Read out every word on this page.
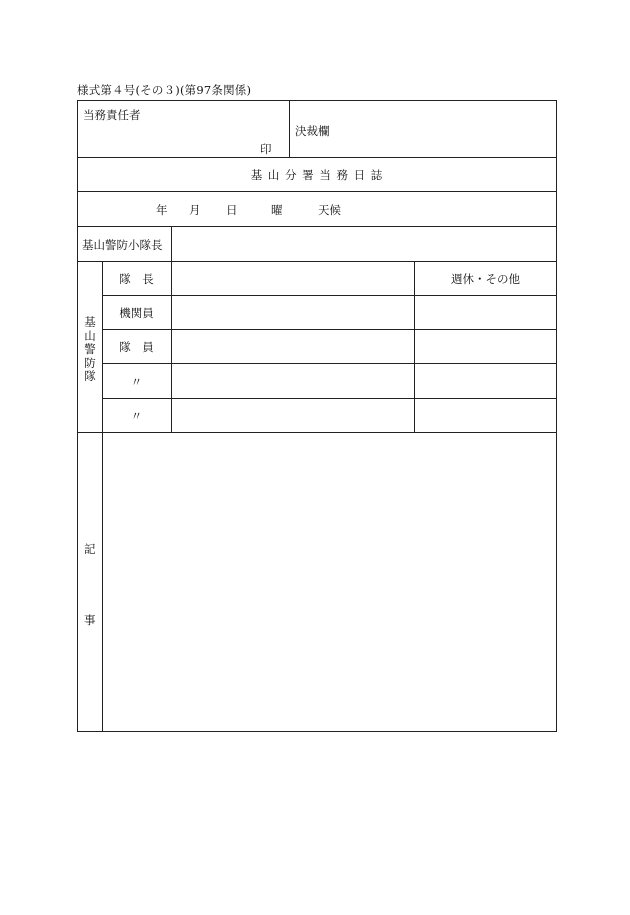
様式第４号(その３)(第97条関係)
当務責任者
印
決裁欄
基 山 分 署 当 務 日 誌
年 月 日	曜	天候
基山警防小隊長
基山警防隊
隊　長
機関員
隊　員
〃
〃
週休・その他
記
事
